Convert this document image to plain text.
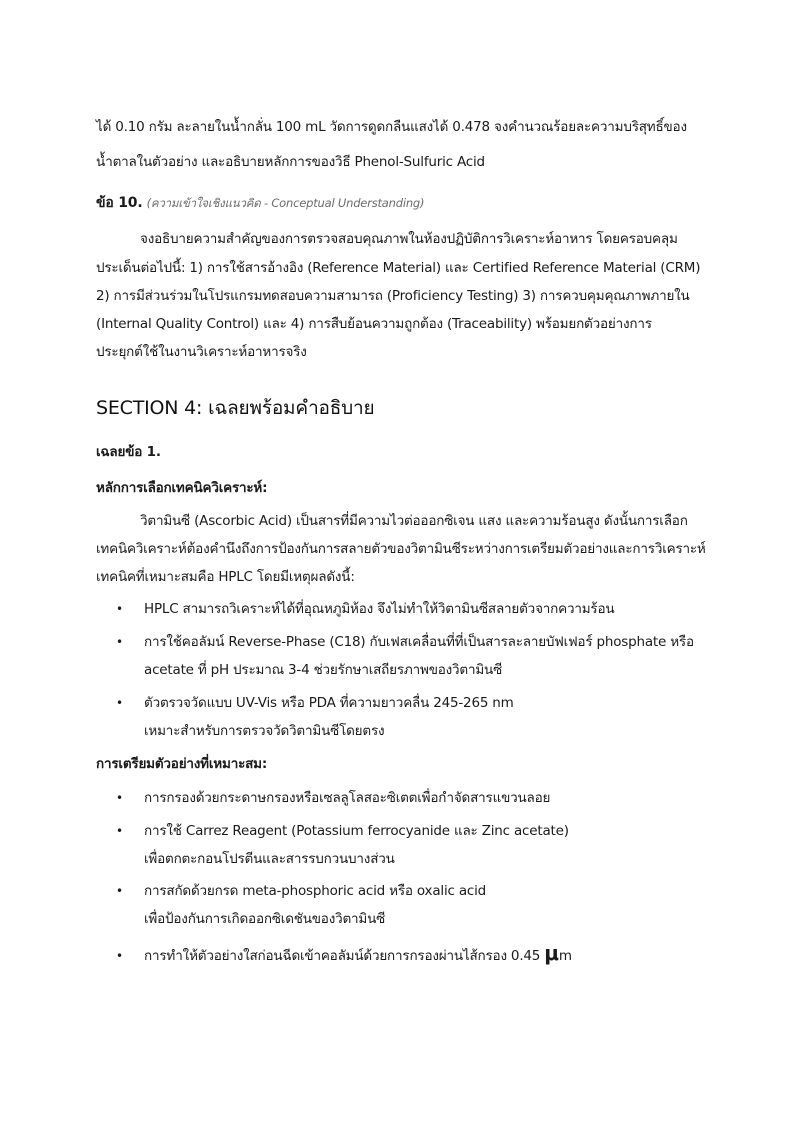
ได้ 0.10 กรัม ละลายในน้ำกลั่น 100 mL วัดการดูดกลืนแสงได้ 0.478 จงคำนวณร้อยละความบริสุทธิ์ของ
น้ำตาลในตัวอย่าง และอธิบายหลักการของวิธี Phenol-Sulfuric Acid
ข้อ 10. (ความเข้าใจเชิงแนวคิด - Conceptual Understanding)
จงอธิบายความสำคัญของการตรวจสอบคุณภาพในห้องปฏิบัติการวิเคราะห์อาหาร โดยครอบคลุม
ประเด็นต่อไปนี้: 1) การใช้สารอ้างอิง (Reference Material) และ Certified Reference Material (CRM)
2) การมีส่วนร่วมในโปรแกรมทดสอบความสามารถ (Proficiency Testing) 3) การควบคุมคุณภาพภายใน
(Internal Quality Control) และ 4) การสืบย้อนความถูกต้อง (Traceability) พร้อมยกตัวอย่างการ
ประยุกต์ใช้ในงานวิเคราะห์อาหารจริง
SECTION 4: เฉลยพร้อมคำอธิบาย
เฉลยข้อ 1.
หลักการเลือกเทคนิควิเคราะห์:
วิตามินซี (Ascorbic Acid) เป็นสารที่มีความไวต่อออกซิเจน แสง และความร้อนสูง ดังนั้นการเลือก
เทคนิควิเคราะห์ต้องคำนึงถึงการป้องกันการสลายตัวของวิตามินซีระหว่างการเตรียมตัวอย่างและการวิเคราะห์
เทคนิคที่เหมาะสมคือ HPLC โดยมีเหตุผลดังนี้:
• HPLC สามารถวิเคราะห์ได้ที่อุณหภูมิห้อง จึงไม่ทำให้วิตามินซีสลายตัวจากความร้อน
• การใช้คอลัมน์ Reverse-Phase (C18) กับเฟสเคลื่อนที่ที่เป็นสารละลายบัฟเฟอร์ phosphate หรือ
acetate ที่ pH ประมาณ 3-4 ช่วยรักษาเสถียรภาพของวิตามินซี
• ตัวตรวจวัดแบบ UV-Vis หรือ PDA ที่ความยาวคลื่น 245-265 nm
เหมาะสำหรับการตรวจวัดวิตามินซีโดยตรง
การเตรียมตัวอย่างที่เหมาะสม:
• การกรองด้วยกระดาษกรองหรือเซลลูโลสอะซิเตตเพื่อกำจัดสารแขวนลอย
• การใช้ Carrez Reagent (Potassium ferrocyanide และ Zinc acetate)
เพื่อตกตะกอนโปรตีนและสารรบกวนบางส่วน
• การสกัดด้วยกรด meta-phosphoric acid หรือ oxalic acid
เพื่อป้องกันการเกิดออกซิเดชันของวิตามินซี
• การทำให้ตัวอย่างใสก่อนฉีดเข้าคอลัมน์ด้วยการกรองผ่านไส้กรอง 0.45 μm
